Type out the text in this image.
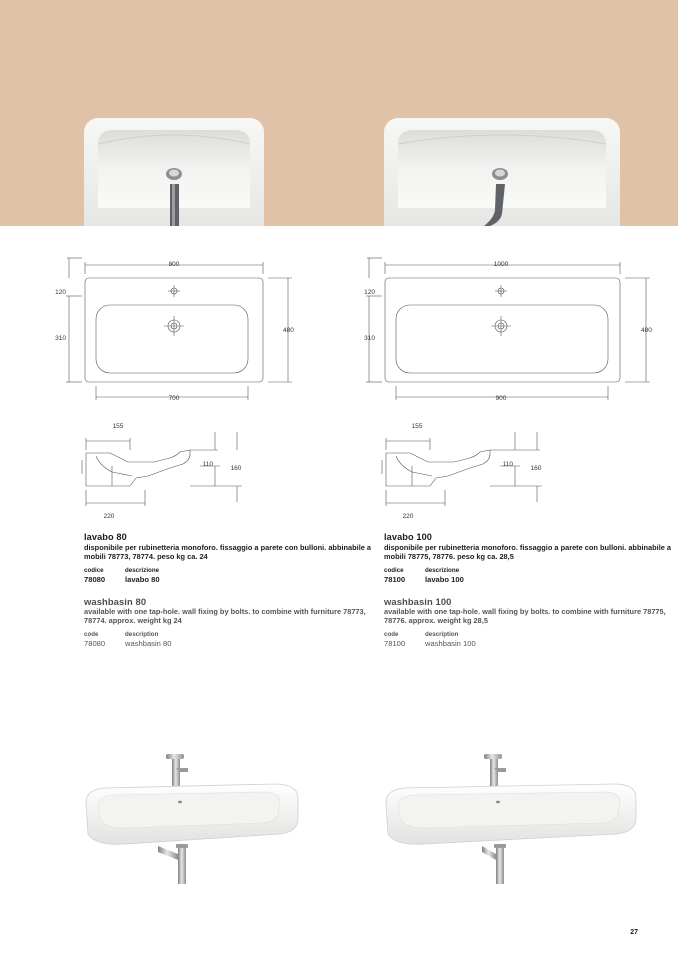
800
700
120
310
480
155
110
160
220
1000
900
120
310
480
155
110
160
220
lavabo 80

disponibile per rubinetteria monoforo. fissaggio a parete con bulloni. abbinabile a mobili 78773, 78774. peso kg ca. 24

codice	descrizione
78080	lavabo 80
washbasin 80

available with one tap-hole. wall fixing by bolts. to combine with furniture 78773, 78774. approx. weight kg 24

code	description
78080	washbasin 80
lavabo 100

disponibile per rubinetteria monoforo. fissaggio a parete con bulloni. abbinabile a mobili 78775, 78776. peso kg ca. 28,5

codice	descrizione
78100	lavabo 100
washbasin 100

available with one tap-hole. wall fixing by bolts. to combine with furniture 78775, 78776. approx. weight kg 28,5

code	description
78100	washbasin 100
27
